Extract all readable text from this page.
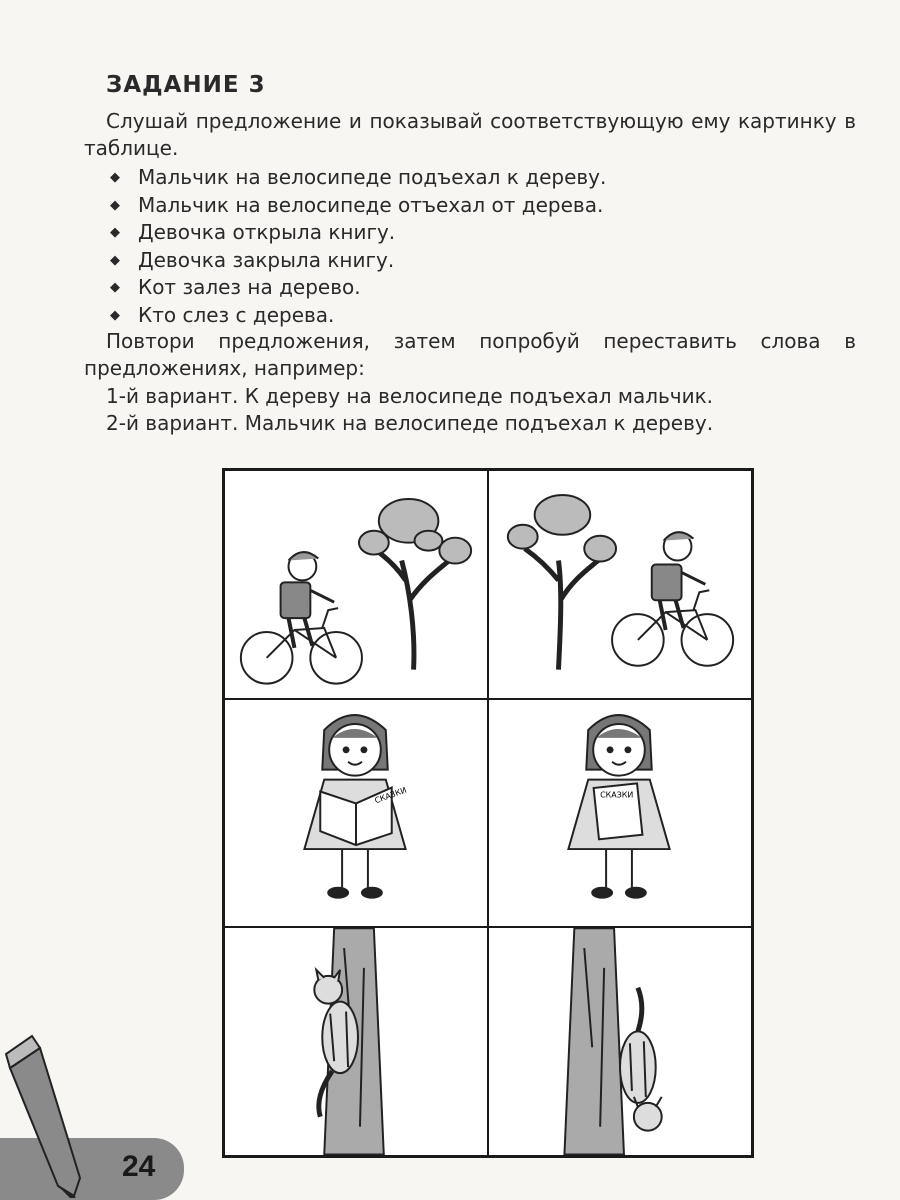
ЗАДАНИЕ 3
Слушай предложение и показывай соответствующую ему картинку в таблице.
◆ Мальчик на велосипеде подъехал к дереву.
◆ Мальчик на велосипеде отъехал от дерева.
◆ Девочка открыла книгу.
◆ Девочка закрыла книгу.
◆ Кот залез на дерево.
◆ Кто слез с дерева.
Повтори предложения, затем попробуй переставить слова в предложениях, например:
1-й вариант. К дереву на велосипеде подъехал мальчик.
2-й вариант. Мальчик на велосипеде подъехал к дереву.
СКАЗКИ	СКАЗКИ
24
